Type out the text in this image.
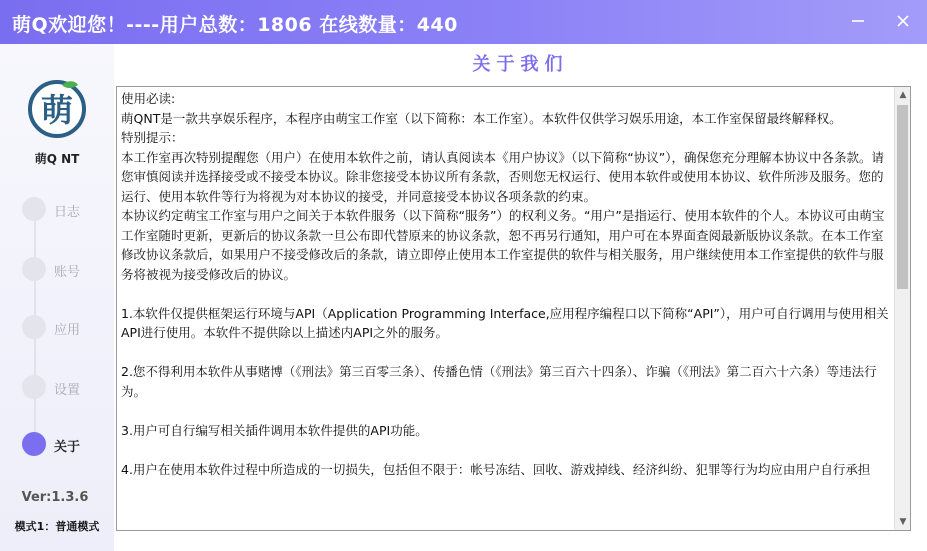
萌Q欢迎您！----用户总数：1806 在线数量：440
萌
萌Q NT
日志
账号
应用
设置
关于
Ver:1.3.6
模式1：普通模式
关于我们
使用必读:
萌QNT是一款共享娱乐程序，本程序由萌宝工作室（以下简称：本工作室）。本软件仅供学习娱乐用途，本工作室保留最终解释权。
特别提示：
本工作室再次特别提醒您（用户）在使用本软件之前，请认真阅读本《用户协议》（以下简称“协议”），确保您充分理解本协议中各条款。请您审慎阅读并选择接受或不接受本协议。除非您接受本协议所有条款，否则您无权运行、使用本软件或使用本协议、软件所涉及服务。您的运行、使用本软件等行为将视为对本协议的接受，并同意接受本协议各项条款的约束。
本协议约定萌宝工作室与用户之间关于本软件服务（以下简称“服务”）的权利义务。“用户”是指运行、使用本软件的个人。本协议可由萌宝工作室随时更新，更新后的协议条款一旦公布即代替原来的协议条款，恕不再另行通知，用户可在本界面查阅最新版协议条款。在本工作室修改协议条款后，如果用户不接受修改后的条款，请立即停止使用本工作室提供的软件与相关服务，用户继续使用本工作室提供的软件与服务将被视为接受修改后的协议。

1.本软件仅提供框架运行环境与API（Application Programming Interface,应用程序编程口以下简称“API”），用户可自行调用与使用相关API进行使用。本软件不提供除以上描述内API之外的服务。

2.您不得利用本软件从事赌博（《刑法》第三百零三条）、传播色情（《刑法》第三百六十四条）、诈骗（《刑法》第二百六十六条）等违法行为。

3.用户可自行编写相关插件调用本软件提供的API功能。

4.用户在使用本软件过程中所造成的一切损失，包括但不限于：帐号冻结、回收、游戏掉线、经济纠纷、犯罪等行为均应由用户自行承担
▲
▼
